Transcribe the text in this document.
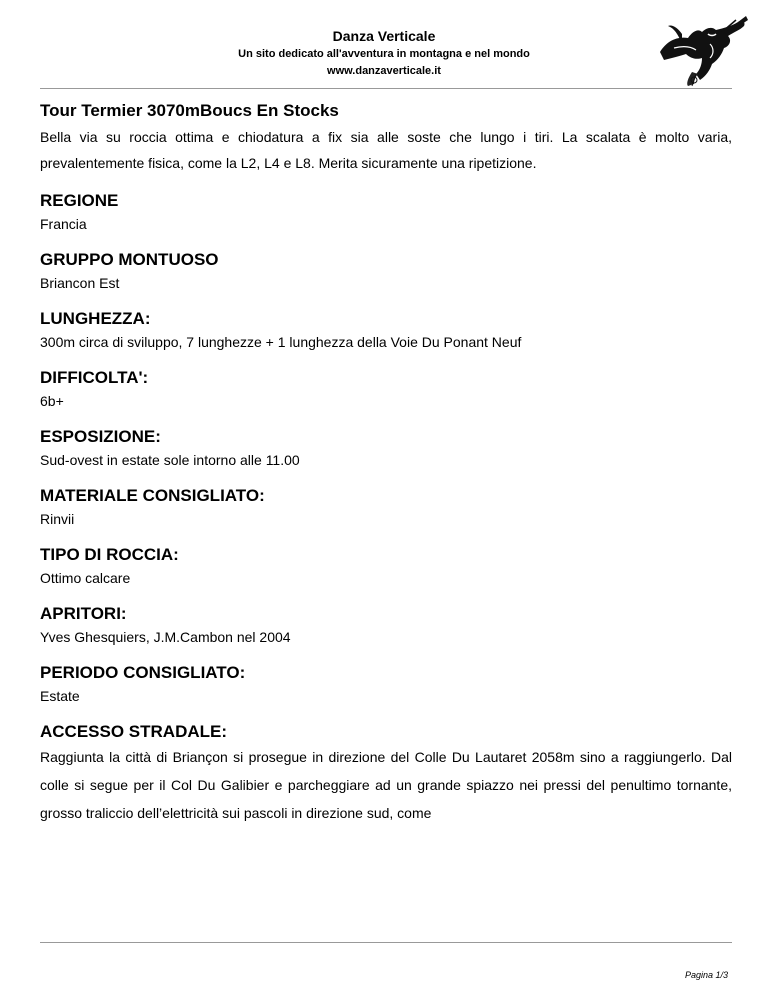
Danza Verticale
Un sito dedicato all'avventura in montagna e nel mondo
www.danzaverticale.it
Tour Termier 3070mBoucs En Stocks

Bella via su roccia ottima e chiodatura a fix sia alle soste che lungo i tiri. La scalata è molto varia, prevalentemente fisica, come la L2, L4 e L8. Merita sicuramente una ripetizione.

REGIONE

Francia

GRUPPO MONTUOSO

Briancon Est

LUNGHEZZA:

300m circa di sviluppo, 7 lunghezze + 1 lunghezza della Voie Du Ponant Neuf

DIFFICOLTA':

6b+

ESPOSIZIONE:

Sud-ovest in estate sole intorno alle 11.00

MATERIALE CONSIGLIATO:

Rinvii

TIPO DI ROCCIA:

Ottimo calcare

APRITORI:

Yves Ghesquiers, J.M.Cambon nel 2004

PERIODO CONSIGLIATO:

Estate

ACCESSO STRADALE:

Raggiunta la città di Briançon si prosegue in direzione del Colle Du Lautaret 2058m sino a raggiungerlo. Dal colle si segue per il Col Du Galibier e parcheggiare ad un grande spiazzo nei pressi del penultimo tornante, grosso traliccio dell’elettricità sui pascoli in direzione sud, come

Pagina 1/3
